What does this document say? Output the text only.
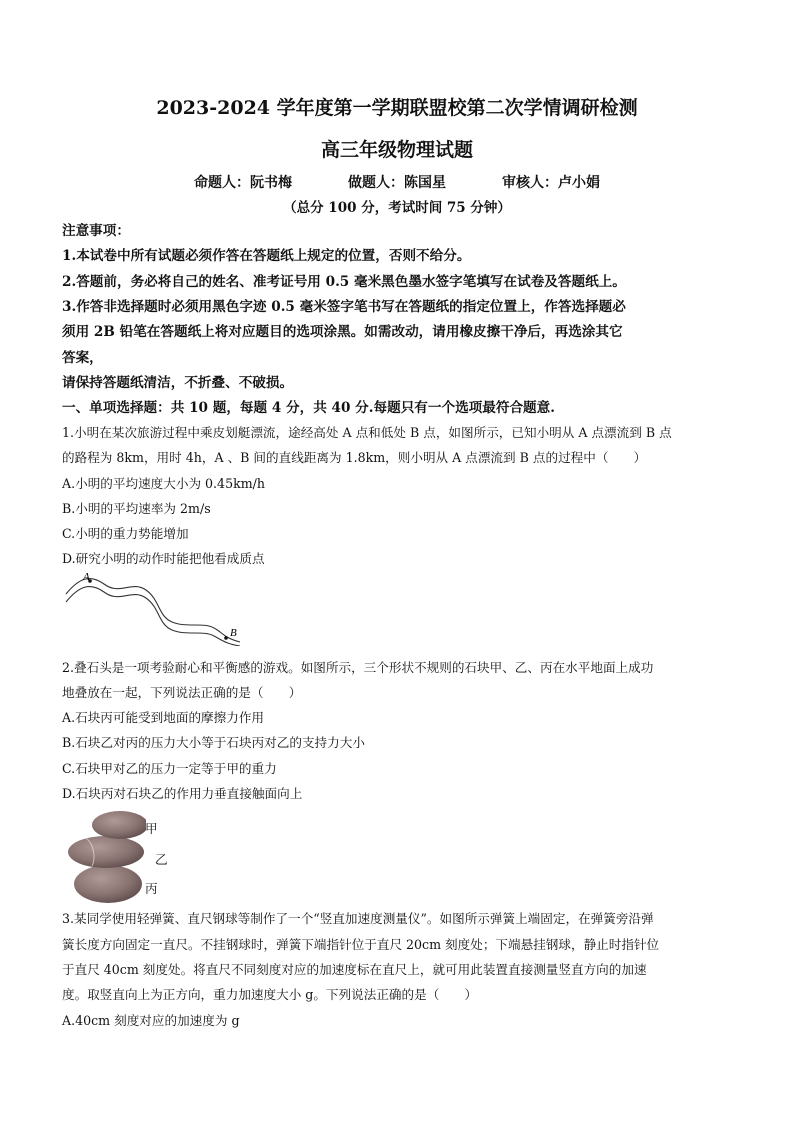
2023-2024 学年度第一学期联盟校第二次学情调研检测
高三年级物理试题
命题人：阮书梅	做题人：陈国星	审核人：卢小娟
（总分 100 分，考试时间 75 分钟）
注意事项：
1.本试卷中所有试题必须作答在答题纸上规定的位置，否则不给分。
2.答题前，务必将自己的姓名、准考证号用 0.5 毫米黑色墨水签字笔填写在试卷及答题纸上。
3.作答非选择题时必须用黑色字迹 0.5 毫米签字笔书写在答题纸的指定位置上，作答选择题必
须用 2B 铅笔在答题纸上将对应题目的选项涂黑。如需改动，请用橡皮擦干净后，再选涂其它
答案，
请保持答题纸清洁，不折叠、不破损。
一、单项选择题：共 10 题，每题 4 分，共 40 分.每题只有一个选项最符合题意.
1.小明在某次旅游过程中乘皮划艇漂流，途经高处 A 点和低处 B 点，如图所示，已知小明从 A 点漂流到 B 点
的路程为 8km，用时 4h，A 、B 间的直线距离为 1.8km，则小明从 A 点漂流到 B 点的过程中（　　）
A.小明的平均速度大小为 0.45km/h
B.小明的平均速率为 2m/s
C.小明的重力势能增加
D.研究小明的动作时能把他看成质点
A
B
2.叠石头是一项考验耐心和平衡感的游戏。如图所示，三个形状不规则的石块甲、乙、丙在水平地面上成功
地叠放在一起，下列说法正确的是（　　）
A.石块丙可能受到地面的摩擦力作用
B.石块乙对丙的压力大小等于石块丙对乙的支持力大小
C.石块甲对乙的压力一定等于甲的重力
D.石块丙对石块乙的作用力垂直接触面向上
甲
乙
丙
3.某同学使用轻弹簧、直尺钢球等制作了一个“竖直加速度测量仪”。如图所示弹簧上端固定，在弹簧旁沿弹
簧长度方向固定一直尺。不挂钢球时，弹簧下端指针位于直尺 20cm 刻度处；下端悬挂钢球，静止时指针位
于直尺 40cm 刻度处。将直尺不同刻度对应的加速度标在直尺上，就可用此装置直接测量竖直方向的加速
度。取竖直向上为正方向，重力加速度大小 g。下列说法正确的是（　　）
A.40cm 刻度对应的加速度为 g
